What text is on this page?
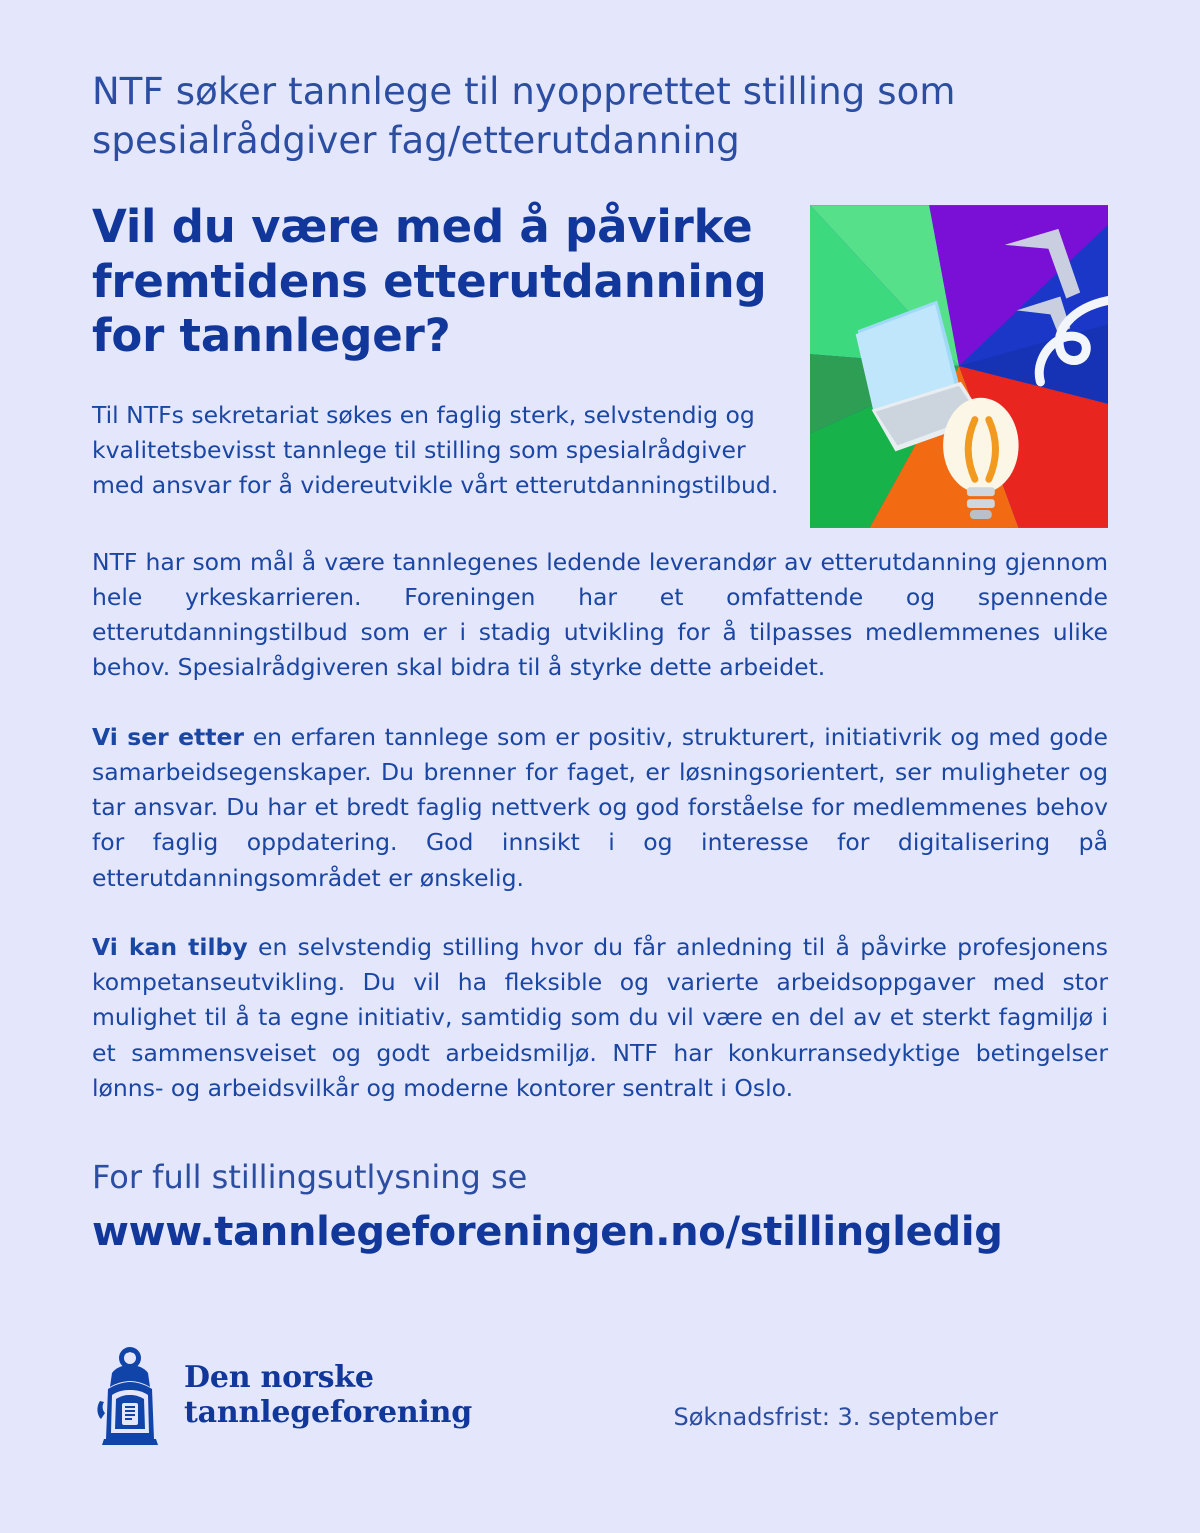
NTF søker tannlege til nyopprettet stilling som spesialrådgiver fag/etterutdanning
Vil du være med å påvirke fremtidens etterutdanning for tannleger?

Til NTFs sekretariat søkes en faglig sterk, selvstendig og kvalitetsbevisst tannlege til stilling som spesialrådgiver med ansvar for å videreutvikle vårt etterutdanningstilbud.

NTF har som mål å være tannlegenes ledende leverandør av etterutdanning gjennom hele yrkeskarrieren. Foreningen har et omfattende og spennende etterutdanningstilbud som er i stadig utvikling for å tilpasses medlemmenes ulike behov. Spesialrådgiveren skal bidra til å styrke dette arbeidet.

Vi ser etter en erfaren tannlege som er positiv, strukturert, initiativrik og med gode samarbeidsegenskaper. Du brenner for faget, er løsningsorientert, ser muligheter og tar ansvar. Du har et bredt faglig nettverk og god forståelse for medlemmenes behov for faglig oppdatering. God innsikt i og interesse for digitalisering på etterutdanningsområdet er ønskelig.

Vi kan tilby en selvstendig stilling hvor du får anledning til å påvirke profesjonens kompetanseutvikling. Du vil ha fleksible og varierte arbeidsoppgaver med stor mulighet til å ta egne initiativ, samtidig som du vil være en del av et sterkt fagmiljø i et sammensveiset og godt arbeidsmiljø. NTF har konkurransedyktige betingelser lønns- og arbeidsvilkår og moderne kontorer sentralt i Oslo.

For full stillingsutlysning se

www.tannlegeforeningen.no/stillingledig

Den norske
tannlegeforening	Søknadsfrist: 3. september
